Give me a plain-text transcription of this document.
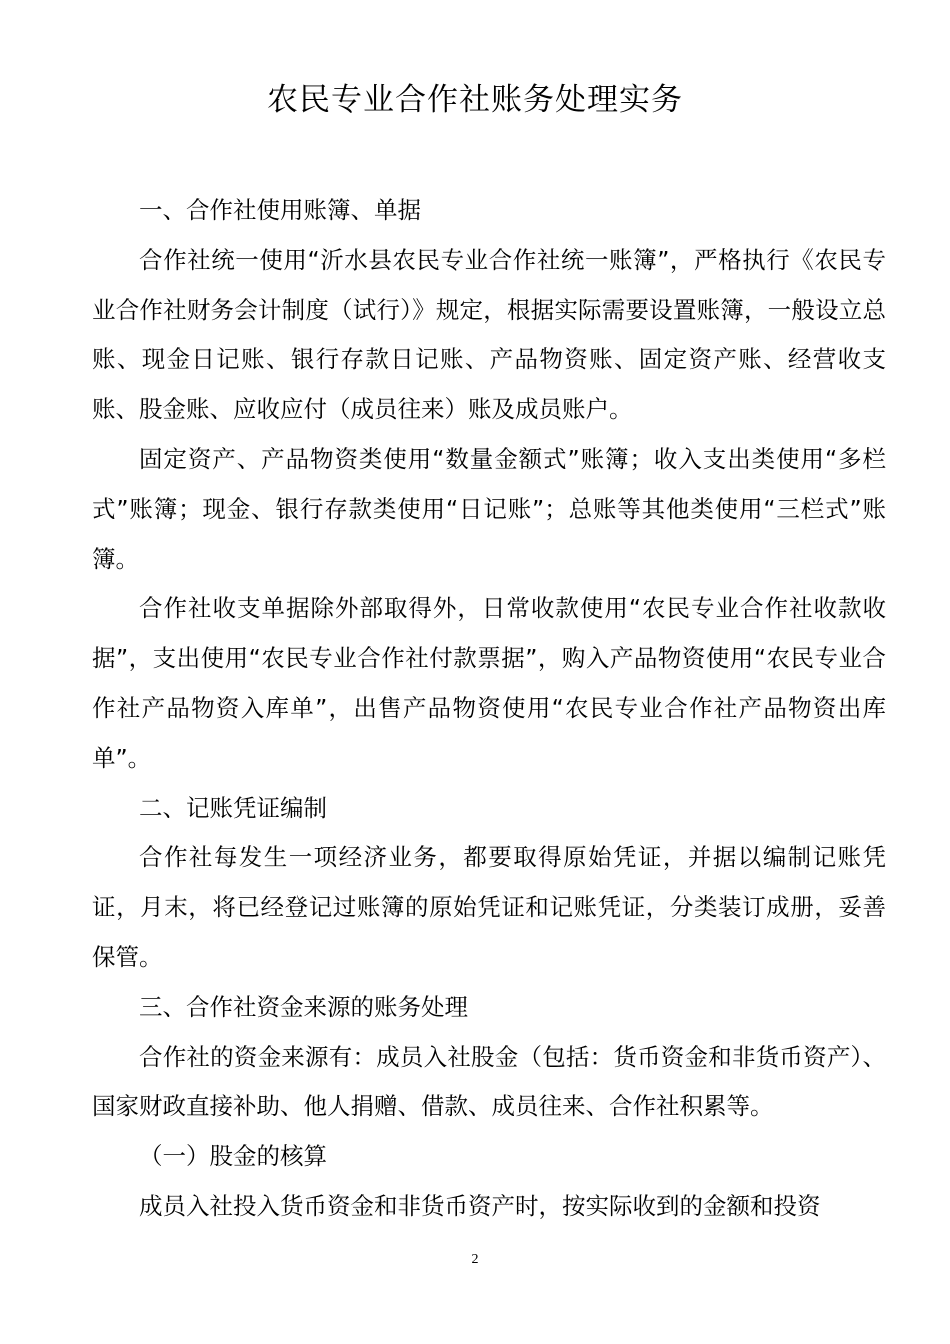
农民专业合作社账务处理实务

一、合作社使用账簿、单据

合作社统一使用“沂水县农民专业合作社统一账簿”，严格执行《农民专业合作社财务会计制度（试行）》规定，根据实际需要设置账簿，一般设立总账、现金日记账、银行存款日记账、产品物资账、固定资产账、经营收支账、股金账、应收应付（成员往来）账及成员账户。

固定资产、产品物资类使用“数量金额式”账簿；收入支出类使用“多栏式”账簿；现金、银行存款类使用“日记账”；总账等其他类使用“三栏式”账簿。

合作社收支单据除外部取得外，日常收款使用“农民专业合作社收款收据”，支出使用“农民专业合作社付款票据”，购入产品物资使用“农民专业合作社产品物资入库单”，出售产品物资使用“农民专业合作社产品物资出库单”。

二、记账凭证编制

合作社每发生一项经济业务，都要取得原始凭证，并据以编制记账凭证，月末，将已经登记过账簿的原始凭证和记账凭证，分类装订成册，妥善保管。

三、合作社资金来源的账务处理

合作社的资金来源有：成员入社股金（包括：货币资金和非货币资产）、国家财政直接补助、他人捐赠、借款、成员往来、合作社积累等。

（一）股金的核算

成员入社投入货币资金和非货币资产时，按实际收到的金额和投资

2
